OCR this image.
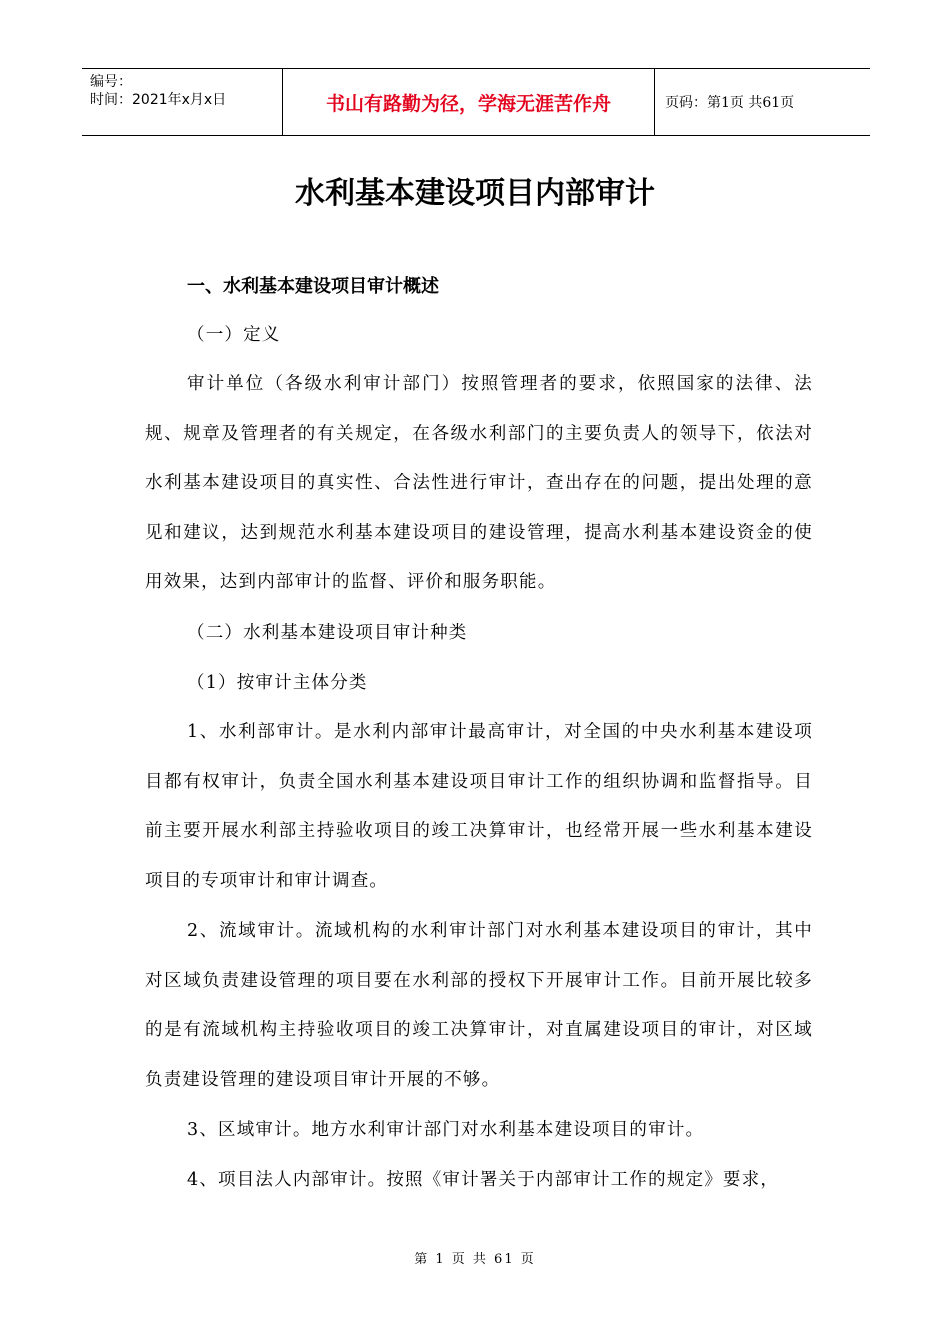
编号：
时间：2021年x月x日	书山有路勤为径，学海无涯苦作舟	页码：第1页 共61页
水利基本建设项目内部审计
一、水利基本建设项目审计概述
（一）定义
审计单位（各级水利审计部门）按照管理者的要求，依照国家的法律、法规、规章及管理者的有关规定，在各级水利部门的主要负责人的领导下，依法对水利基本建设项目的真实性、合法性进行审计，查出存在的问题，提出处理的意见和建议，达到规范水利基本建设项目的建设管理，提高水利基本建设资金的使用效果，达到内部审计的监督、评价和服务职能。
（二）水利基本建设项目审计种类
（1）按审计主体分类
1、水利部审计。是水利内部审计最高审计，对全国的中央水利基本建设项目都有权审计，负责全国水利基本建设项目审计工作的组织协调和监督指导。目前主要开展水利部主持验收项目的竣工决算审计，也经常开展一些水利基本建设项目的专项审计和审计调查。
2、流域审计。流域机构的水利审计部门对水利基本建设项目的审计，其中对区域负责建设管理的项目要在水利部的授权下开展审计工作。目前开展比较多的是有流域机构主持验收项目的竣工决算审计，对直属建设项目的审计，对区域负责建设管理的建设项目审计开展的不够。
3、区域审计。地方水利审计部门对水利基本建设项目的审计。
4、项目法人内部审计。按照《审计署关于内部审计工作的规定》要求，
第 1 页 共 61 页
